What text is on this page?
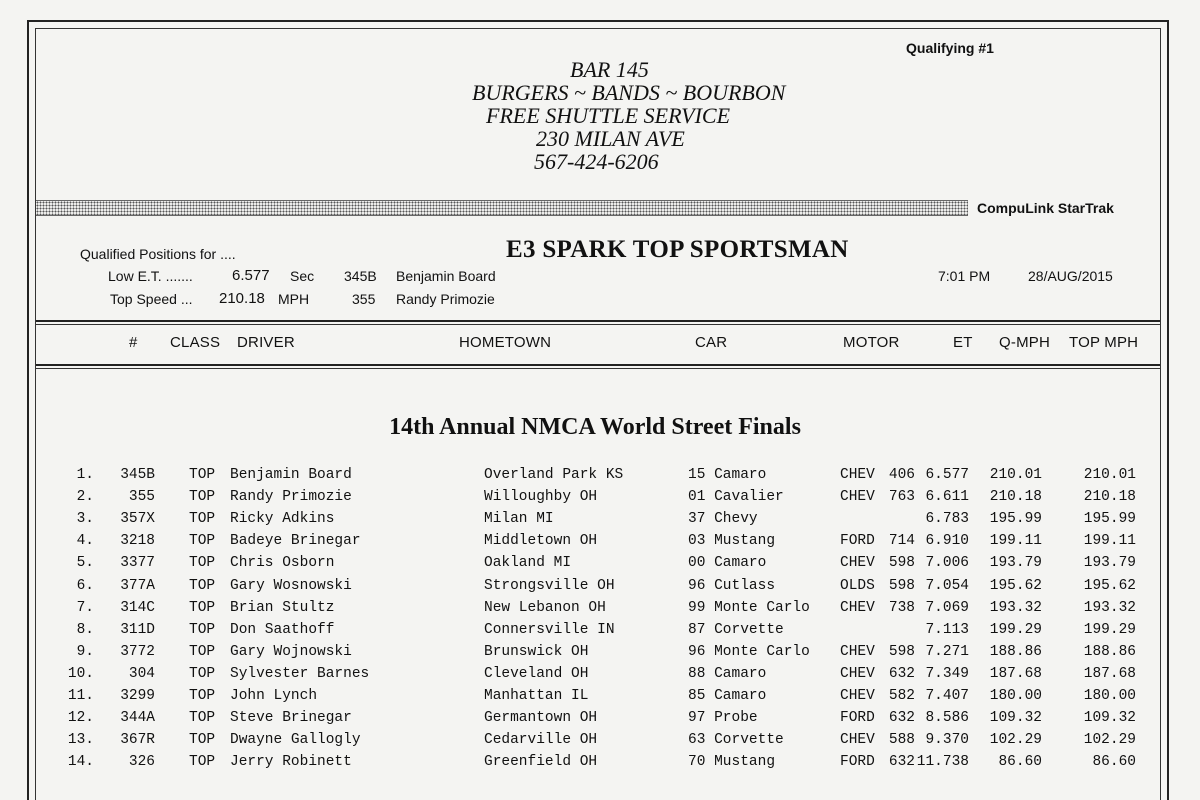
Qualifying #1
BAR 145
BURGERS ~ BANDS ~ BOURBON
FREE SHUTTLE SERVICE
230 MILAN AVE
567-424-6206
CompuLink StarTrak
Qualified Positions for ....
Low E.T. .......	6.577 Sec 345B Benjamin Board
Top Speed ... 210.18 MPH	355 Randy Primozie
E3 SPARK TOP SPORTSMAN
7:01 PM	28/AUG/2015
# CLASS DRIVER	HOMETOWN	CAR	MOTOR	ET Q-MPH TOP MPH
14th Annual NMCA World Street Finals
1. 345B TOP Benjamin Board	Overland Park KS	15 Camaro	CHEV 406 6.577 210.01	210.01
2. 355 TOP Randy Primozie	Willoughby OH	01 Cavalier	CHEV 763 6.611 210.18	210.18
3. 357X TOP Ricky Adkins	Milan MI	37 Chevy	6.783 195.99	195.99
4. 3218 TOP Badeye Brinegar	Middletown OH	03 Mustang	FORD 714 6.910 199.11	199.11
5. 3377 TOP Chris Osborn	Oakland MI	00 Camaro	CHEV 598 7.006 193.79	193.79
6. 377A TOP Gary Wosnowski	Strongsville OH	96 Cutlass	OLDS 598 7.054 195.62	195.62
7. 314C TOP Brian Stultz	New Lebanon OH	99 Monte Carlo CHEV 738 7.069 193.32	193.32
8. 311D TOP Don Saathoff	Connersville IN	87 Corvette	7.113 199.29	199.29
9. 3772 TOP Gary Wojnowski	Brunswick OH	96 Monte Carlo CHEV 598 7.271 188.86	188.86
10. 304 TOP Sylvester Barnes	Cleveland OH	88 Camaro	CHEV 632 7.349 187.68	187.68
11. 3299 TOP John Lynch	Manhattan IL	85 Camaro	CHEV 582 7.407 180.00	180.00
12. 344A TOP Steve Brinegar	Germantown OH	97 Probe	FORD 632 8.586 109.32	109.32
13. 367R TOP Dwayne Gallogly	Cedarville OH	63 Corvette	CHEV 588 9.370 102.29	102.29
14. 326 TOP Jerry Robinett	Greenfield OH	70 Mustang	FORD 632 11.738 86.60	86.60
